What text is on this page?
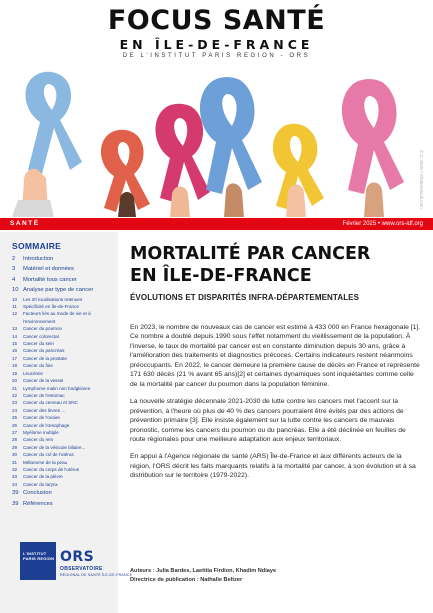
FOCUS SANTÉ
EN ÎLE-DE-FRANCE
DE L'INSTITUT PARIS REGION - ORS
© C. Malo / Shutterstock.com
SANTÉ	Février 2025 • www.ors-idf.org
SOMMAIRE
2	Introduction
3	Matériel et données
4	Mortalité tous cancer
10 Analyse par type de cancer
10	Les 20 localisations retenues
11	Spécificité en Île-de-France
12	Facteurs liés au mode de vie et à
l'environnement
13	Cancer du poumon
14	Cancer colorectal
15	Cancer du sein
16	Cancer du pancréas
17	Cancer de la prostate
18	Cancer du foie
19	Leucémie
20	Cancer de la vessie
21	Lymphome malin non hodgkinien
22	Cancer de l'estomac
23	Cancer du cerveau et SNC
24	Cancer des lèvres ...
25	Cancer de l'ovaire
26	Cancer de l'œsophage
27	Myélome multiple
28	Cancer du rein
29	Cancer de la vésicule biliaire...
30	Cancer du col de l'utérus
31	Mélanome de la peau
32	Cancer du corps de l'utérus
33	Cancer de la plèvre
34	Cancer du larynx
39 Conclusion
39 Références
L'INSTITUT PARIS REGION ORS
OBSERVATOIRE
RÉGIONAL DE SANTÉ ÎLE-DE-FRANCE
MORTALITÉ PAR CANCER
EN ÎLE-DE-FRANCE
ÉVOLUTIONS ET DISPARITÉS INFRA-DÉPARTEMENTALES

En 2023, le nombre de nouveaux cas de cancer est estimé à 433 000 en France hexagonale [1]. Ce nombre a doublé depuis 1990 sous l'effet notamment du vieillissement de la population. À l'inverse, le taux de mortalité par cancer est en constante diminution depuis 30 ans, grâce à l'amélioration des traitements et diagnostics précoces. Certains indicateurs restent néanmoins préoccupants. En 2022, le cancer demeure la première cause de décès en France et représente 171 630 décès (21 % avant 65 ans)[2] et certaines dynamiques sont inquiétantes comme celle de la mortalité par cancer du poumon dans la population féminine.

La nouvelle stratégie décennale 2021-2030 de lutte contre les cancers met l'accent sur la prévention, à l'heure où plus de 40 % des cancers pourraient être évités par des actions de prévention primaire [3]. Elle insiste également sur la lutte contre les cancers de mauvais pronostic, comme les cancers du poumon ou du pancréas. Elle a été déclinée en feuilles de route régionales pour une meilleure adaptation aux enjeux territoriaux.

En appui à l'Agence régionale de santé (ARS) Île-de-France et aux différents acteurs de la région, l'ORS décrit les faits marquants relatifs à la mortalité par cancer, à son évolution et à sa distribution sur le territoire (1979-2022).

Auteurs : Julia Bardes, Laetitia Firdion, Khadim Ndiaye
Directrice de publication : Nathalie Beltzer
